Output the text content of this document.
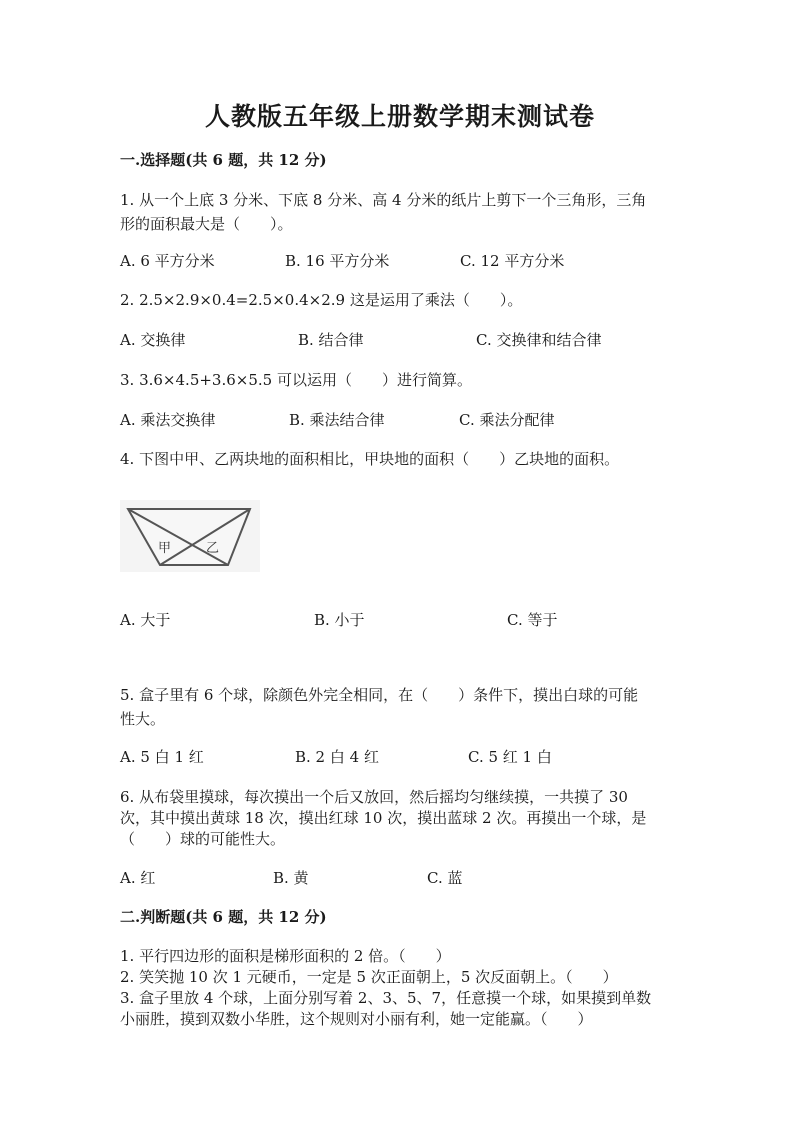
人教版五年级上册数学期末测试卷
一.选择题(共 6 题，共 12 分)
1. 从一个上底 3 分米、下底 8 分米、高 4 分米的纸片上剪下一个三角形，三角
形的面积最大是（　　）。
A. 6 平方分米	B. 16 平方分米	C. 12 平方分米
2. 2.5×2.9×0.4=2.5×0.4×2.9 这是运用了乘法（　　）。
A. 交换律	B. 结合律	C. 交换律和结合律
3. 3.6×4.5+3.6×5.5 可以运用（　　）进行简算。
A. 乘法交换律	B. 乘法结合律	C. 乘法分配律
4. 下图中甲、乙两块地的面积相比，甲块地的面积（　　）乙块地的面积。
甲	乙
A. 大于	B. 小于	C. 等于
5. 盒子里有 6 个球，除颜色外完全相同，在（　　）条件下，摸出白球的可能
性大。
A. 5 白 1 红	B. 2 白 4 红	C. 5 红 1 白
6. 从布袋里摸球，每次摸出一个后又放回，然后摇均匀继续摸，一共摸了 30
次，其中摸出黄球 18 次，摸出红球 10 次，摸出蓝球 2 次。再摸出一个球，是
（　　）球的可能性大。
A. 红	B. 黄	C. 蓝
二.判断题(共 6 题，共 12 分)
1. 平行四边形的面积是梯形面积的 2 倍。（　　）
2. 笑笑抛 10 次 1 元硬币，一定是 5 次正面朝上，5 次反面朝上。（　　）
3. 盒子里放 4 个球，上面分别写着 2、3、5、7，任意摸一个球，如果摸到单数
小丽胜，摸到双数小华胜，这个规则对小丽有利，她一定能赢。（　　）
